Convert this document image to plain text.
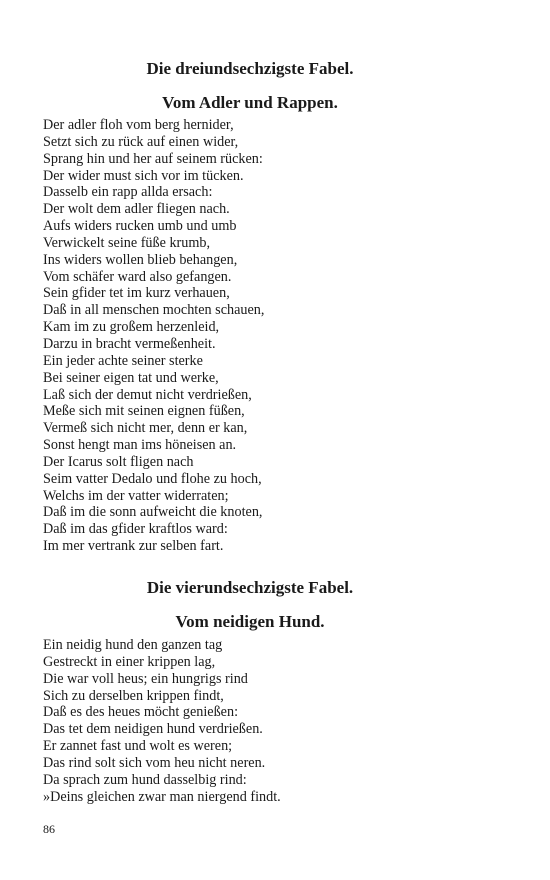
Die dreiundsechzigste Fabel.
Vom Adler und Rappen.
Der adler floh vom berg hernider,
Setzt sich zu rück auf einen wider,
Sprang hin und her auf seinem rücken:
Der wider must sich vor im tücken.
Dasselb ein rapp allda ersach:
Der wolt dem adler fliegen nach.
Aufs widers rucken umb und umb
Verwickelt seine füße krumb,
Ins widers wollen blieb behangen,
Vom schäfer ward also gefangen.
Sein gfider tet im kurz verhauen,
Daß in all menschen mochten schauen,
Kam im zu großem herzenleid,
Darzu in bracht vermeßenheit.
Ein jeder achte seiner sterke
Bei seiner eigen tat und werke,
Laß sich der demut nicht verdrießen,
Meße sich mit seinen eignen füßen,
Vermeß sich nicht mer, denn er kan,
Sonst hengt man ims höneisen an.
Der Icarus solt fligen nach
Seim vatter Dedalo und flohe zu hoch,
Welchs im der vatter widerraten;
Daß im die sonn aufweicht die knoten,
Daß im das gfider kraftlos ward:
Im mer vertrank zur selben fart.
Die vierundsechzigste Fabel.
Vom neidigen Hund.
Ein neidig hund den ganzen tag
Gestreckt in einer krippen lag,
Die war voll heus; ein hungrigs rind
Sich zu derselben krippen findt,
Daß es des heues möcht genießen:
Das tet dem neidigen hund verdrießen.
Er zannet fast und wolt es weren;
Das rind solt sich vom heu nicht neren.
Da sprach zum hund dasselbig rind:
»Deins gleichen zwar man niergend findt.
86
